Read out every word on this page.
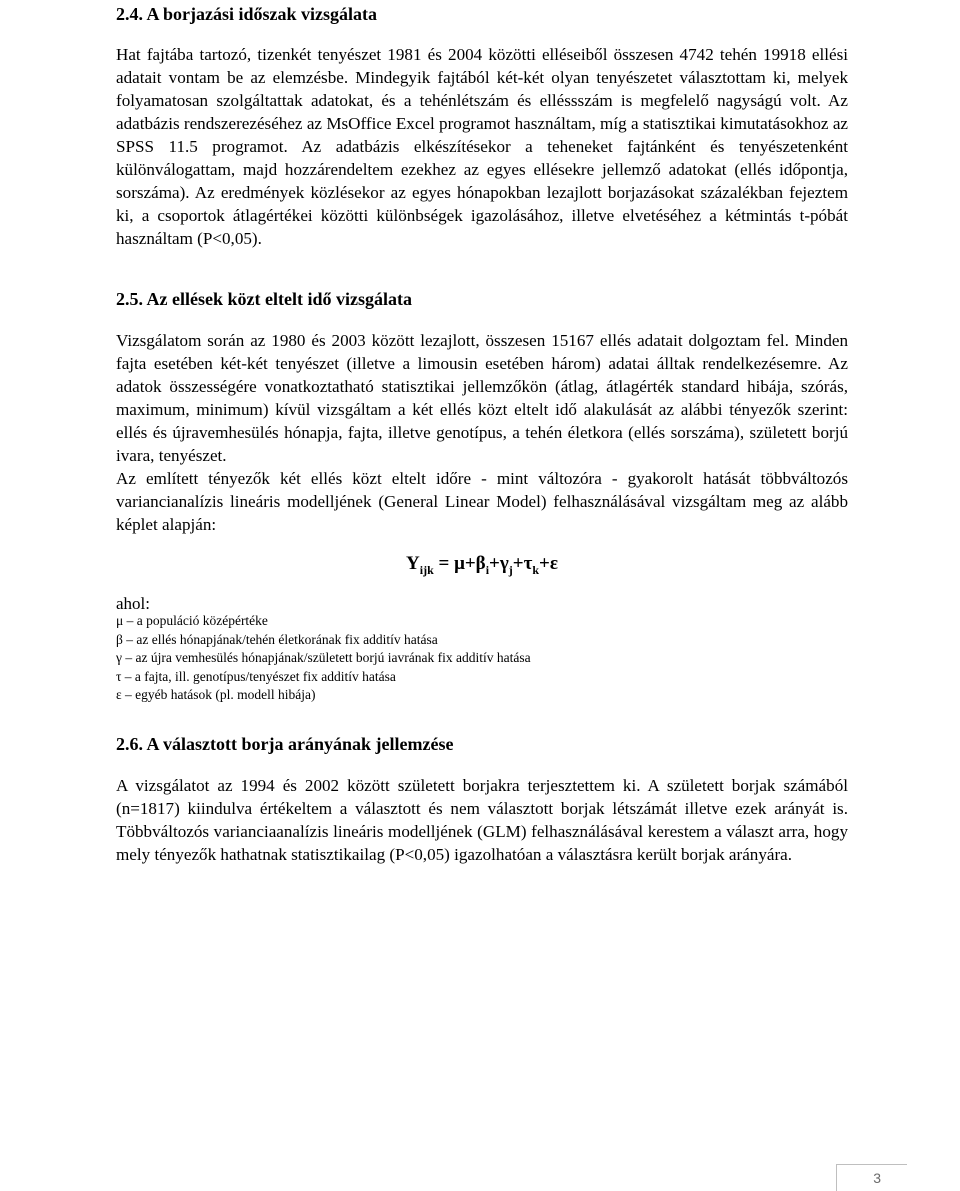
2.4. A borjazási időszak vizsgálata

Hat fajtába tartozó, tizenkét tenyészet 1981 és 2004 közötti elléseiből összesen 4742 tehén 19918 ellési adatait vontam be az elemzésbe. Mindegyik fajtából két-két olyan tenyészetet választottam ki, melyek folyamatosan szolgáltattak adatokat, és a tehénlétszám és elléssszám is megfelelő nagyságú volt. Az adatbázis rendszerezéséhez az MsOffice Excel programot használtam, míg a statisztikai kimutatásokhoz az SPSS 11.5 programot. Az adatbázis elkészítésekor a teheneket fajtánként és tenyészetenként különválogattam, majd hozzárendeltem ezekhez az egyes ellésekre jellemző adatokat (ellés időpontja, sorszáma). Az eredmények közlésekor az egyes hónapokban lezajlott borjazásokat százalékban fejeztem ki, a csoportok átlagértékei közötti különbségek igazolásához, illetve elvetéséhez a kétmintás t-póbát használtam (P<0,05).

2.5. Az ellések közt eltelt idő vizsgálata

Vizsgálatom során az 1980 és 2003 között lezajlott, összesen 15167 ellés adatait dolgoztam fel. Minden fajta esetében két-két tenyészet (illetve a limousin esetében három) adatai álltak rendelkezésemre. Az adatok összességére vonatkoztatható statisztikai jellemzőkön (átlag, átlagérték standard hibája, szórás, maximum, minimum) kívül vizsgáltam a két ellés közt eltelt idő alakulását az alábbi tényezők szerint: ellés és újravemhesülés hónapja, fajta, illetve genotípus, a tehén életkora (ellés sorszáma), született borjú ivara, tenyészet.

Az említett tényezők két ellés közt eltelt időre - mint változóra - gyakorolt hatását többváltozós variancianalízis lineáris modelljének (General Linear Model) felhasználásával vizsgáltam meg az alább képlet alapján:

$Y_{ijk} = \mu+\beta_i+\gamma_j+\tau_k+\varepsilon$
ahol:
μ – a populáció középértéke
β – az ellés hónapjának/tehén életkorának fix additív hatása
γ – az újra vemhesülés hónapjának/született borjú iavrának fix additív hatása
τ – a fajta, ill. genotípus/tenyészet fix additív hatása
ε – egyéb hatások (pl. modell hibája)
2.6. A választott borja arányának jellemzése

A vizsgálatot az 1994 és 2002 között született borjakra terjesztettem ki. A született borjak számából (n=1817) kiindulva értékeltem a választott és nem választott borjak létszámát illetve ezek arányát is. Többváltozós varianciaanalízis lineáris modelljének (GLM) felhasználásával kerestem a választ arra, hogy mely tényezők hathatnak statisztikailag (P<0,05) igazolhatóan a választásra került borjak arányára.

3
